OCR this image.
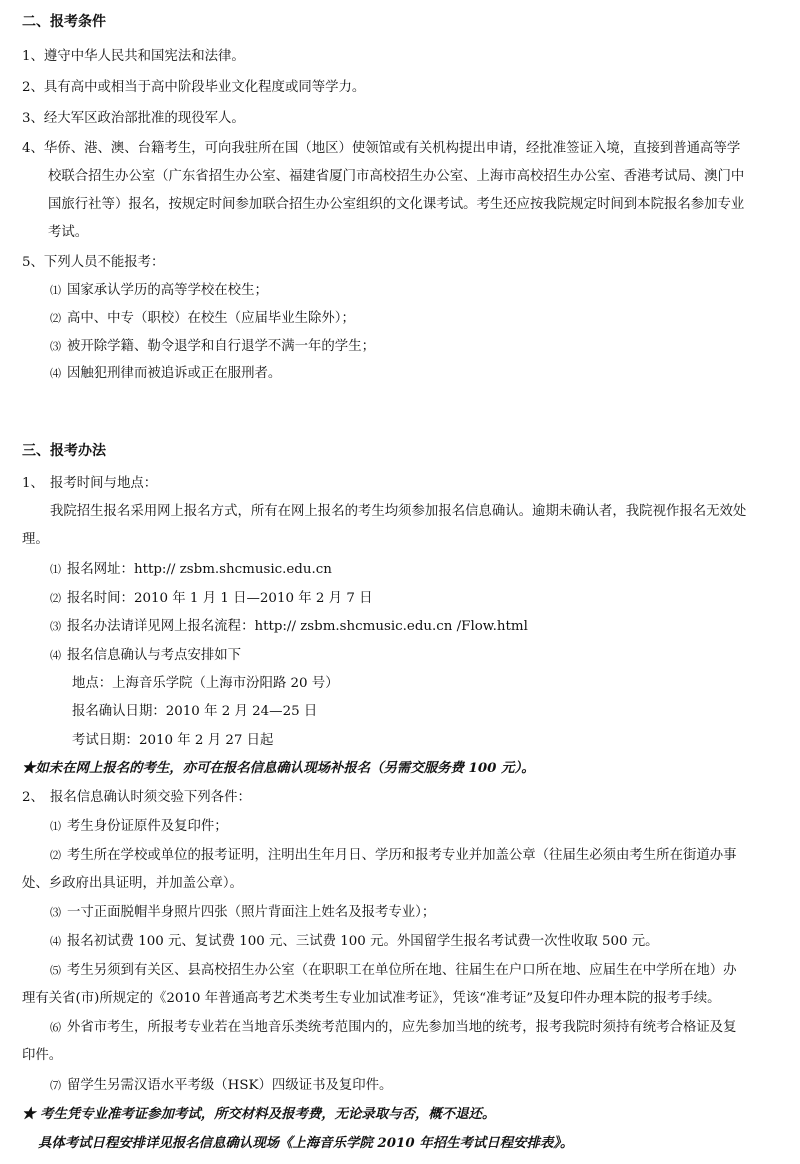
二、报考条件
1、遵守中华人民共和国宪法和法律。
2、具有高中或相当于高中阶段毕业文化程度或同等学力。
3、经大军区政治部批准的现役军人。
4、华侨、港、澳、台籍考生，可向我驻所在国（地区）使领馆或有关机构提出申请，经批准签证入境，直接到普通高等学
校联合招生办公室（广东省招生办公室、福建省厦门市高校招生办公室、上海市高校招生办公室、香港考试局、澳门中
国旅行社等）报名，按规定时间参加联合招生办公室组织的文化课考试。考生还应按我院规定时间到本院报名参加专业
考试。
5、下列人员不能报考：
⑴ 国家承认学历的高等学校在校生；
⑵ 高中、中专（职校）在校生（应届毕业生除外）；
⑶ 被开除学籍、勒令退学和自行退学不满一年的学生；
⑷ 因触犯刑律而被追诉或正在服刑者。
三、报考办法
1、 报考时间与地点：
我院招生报名采用网上报名方式，所有在网上报名的考生均须参加报名信息确认。逾期未确认者，我院视作报名无效处
理。
⑴ 报名网址：http:// zsbm.shcmusic.edu.cn
⑵ 报名时间：2010 年 1 月 1 日—2010 年 2 月 7 日
⑶ 报名办法请详见网上报名流程：http:// zsbm.shcmusic.edu.cn /Flow.html
⑷ 报名信息确认与考点安排如下
地点：上海音乐学院（上海市汾阳路 20 号）
报名确认日期：2010 年 2 月 24—25 日
考试日期：2010 年 2 月 27 日起
★如未在网上报名的考生，亦可在报名信息确认现场补报名（另需交服务费 100 元）。
2、 报名信息确认时须交验下列各件：
⑴ 考生身份证原件及复印件；
⑵ 考生所在学校或单位的报考证明，注明出生年月日、学历和报考专业并加盖公章（往届生必须由考生所在街道办事
处、乡政府出具证明，并加盖公章）。
⑶ 一寸正面脱帽半身照片四张（照片背面注上姓名及报考专业）；
⑷ 报名初试费 100 元、复试费 100 元、三试费 100 元。外国留学生报名考试费一次性收取 500 元。
⑸ 考生另须到有关区、县高校招生办公室（在职职工在单位所在地、往届生在户口所在地、应届生在中学所在地）办
理有关省(市)所规定的《2010 年普通高考艺术类考生专业加试准考证》，凭该“准考证”及复印件办理本院的报考手续。
⑹ 外省市考生，所报考专业若在当地音乐类统考范围内的，应先参加当地的统考，报考我院时须持有统考合格证及复
印件。
⑺ 留学生另需汉语水平考级（HSK）四级证书及复印件。
★ 考生凭专业准考证参加考试，所交材料及报考费，无论录取与否，概不退还。
具体考试日程安排详见报名信息确认现场《上海音乐学院 2010 年招生考试日程安排表》。
